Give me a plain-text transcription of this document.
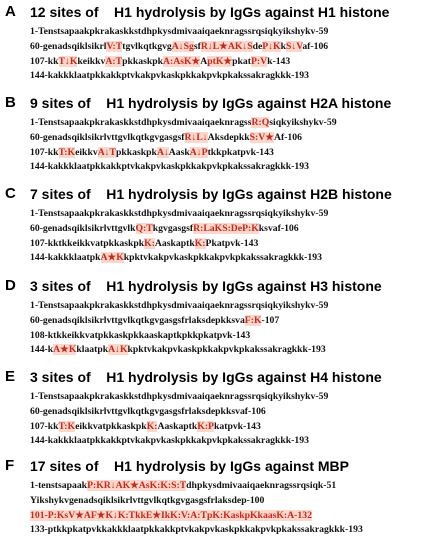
A 12 sites of    H1 hydrolysis by IgGs against H1 histone
1-Tenstsapaakpkrakaskkstdhpkysdmivaaiqaeknragssrqsiqkyikshykv-59
60-genadsqiklsikrlV:TtgvlkqtkgvgA↓SgsfR↓L★AK↓SdeP↓KkS↓Vaf-106
107-kkT↓KkeikkvA:TpkkaskpkA:AsK★AptK★pkatP:Vk-143
144-kakkklaatpkkakkptvkakpvkaskpkkakpvkpkakssakragkkk-193
B 9 sites of    H1 hydrolysis by IgGs against H2A histone
1-TenstsapaakpkrakaskkstdhpkysdmivaaiqaeknragssR:Qsiqkyikshykv-59
60-genadsqiklsikrlvttgvlkqtkgvgasgsfR↓L↓AksdepkkS:V★Af-106
107-kkT:KeikkvA↓TpkkaskpkA↓AaskA↓Ptkkpkatpvk-143
144-kakkklaatpkkakkptvkakpvkaskpkkakpvkpkakssakragkkk-193
C 7 sites of    H1 hydrolysis by IgGs against H2B histone
1-Tenstsapaakpkrakaskkstdhpkysdmivaaiqaeknragssrqsiqkyikshykv-59
60-genadsqiklsikrlvttgvlkQ:TkgvgasgsfR:LaKS:DeP:Kksvaf-106
107-kktkkeikkvatpkkaskpkK:AaskaptkK:Pkatpvk-143
144-kakkklaatpkA★Kkpktvkakpvkaskpkkakpvkpkakssakragkkk-193
D 3 sites of    H1 hydrolysis by IgGs against H3 histone
1-Tenstsapaakpkrakaskkstdhpkysdmivaaiqaeknragssrqsiqkyikshykv-59
60-genadsqiklsikrlvttgvlkqtkgvgasgsfrlaksdepkksvaF:K-107
108-ktkkeikkvatpkkaskpkkaaskaptkpkkpkatpvk-143
144-kA★KklaatpkA↓Kkpktvkakpvkaskpkkakpvkpkakssakragkkk-193
E 3 sites of    H1 hydrolysis by IgGs against H4 histone
1-Tenstsapaakpkrakaskkstdhpkysdmivaaiqaeknragssrqsiqkyikshykv-59
60-genadsqiklsikrlvttgvlkqtkgvgasgsfrlaksdepkksvaf-106
107-kkT:KeikkvatpkkaskpkK:AaskaptkK:Pkatpvk-143
144-kakkklaatpkkakkptvkakpvkaskpkkakpvkpkakssakragkkk-193
F 17 sites of    H1 hydrolysis by IgGs against MBP
1-tenstsapaakP:KR↓AK★AsK:K:S:Tdhpkysdmivaaiqaeknragssrqsiqk-51
Yikshykvgenadsqiklsikrlvttgvlkqtkgvgasgsfrlaksdep-100
101-P:KsV★AF★K↓K:TkkE★IkK:V:A:TpK:KaskpKkaasK:A-132
133-ptkkpkatpvkkakkklaatpkkakkptvkakpvkaskpkkakpvkpkakssakragkkk-193
